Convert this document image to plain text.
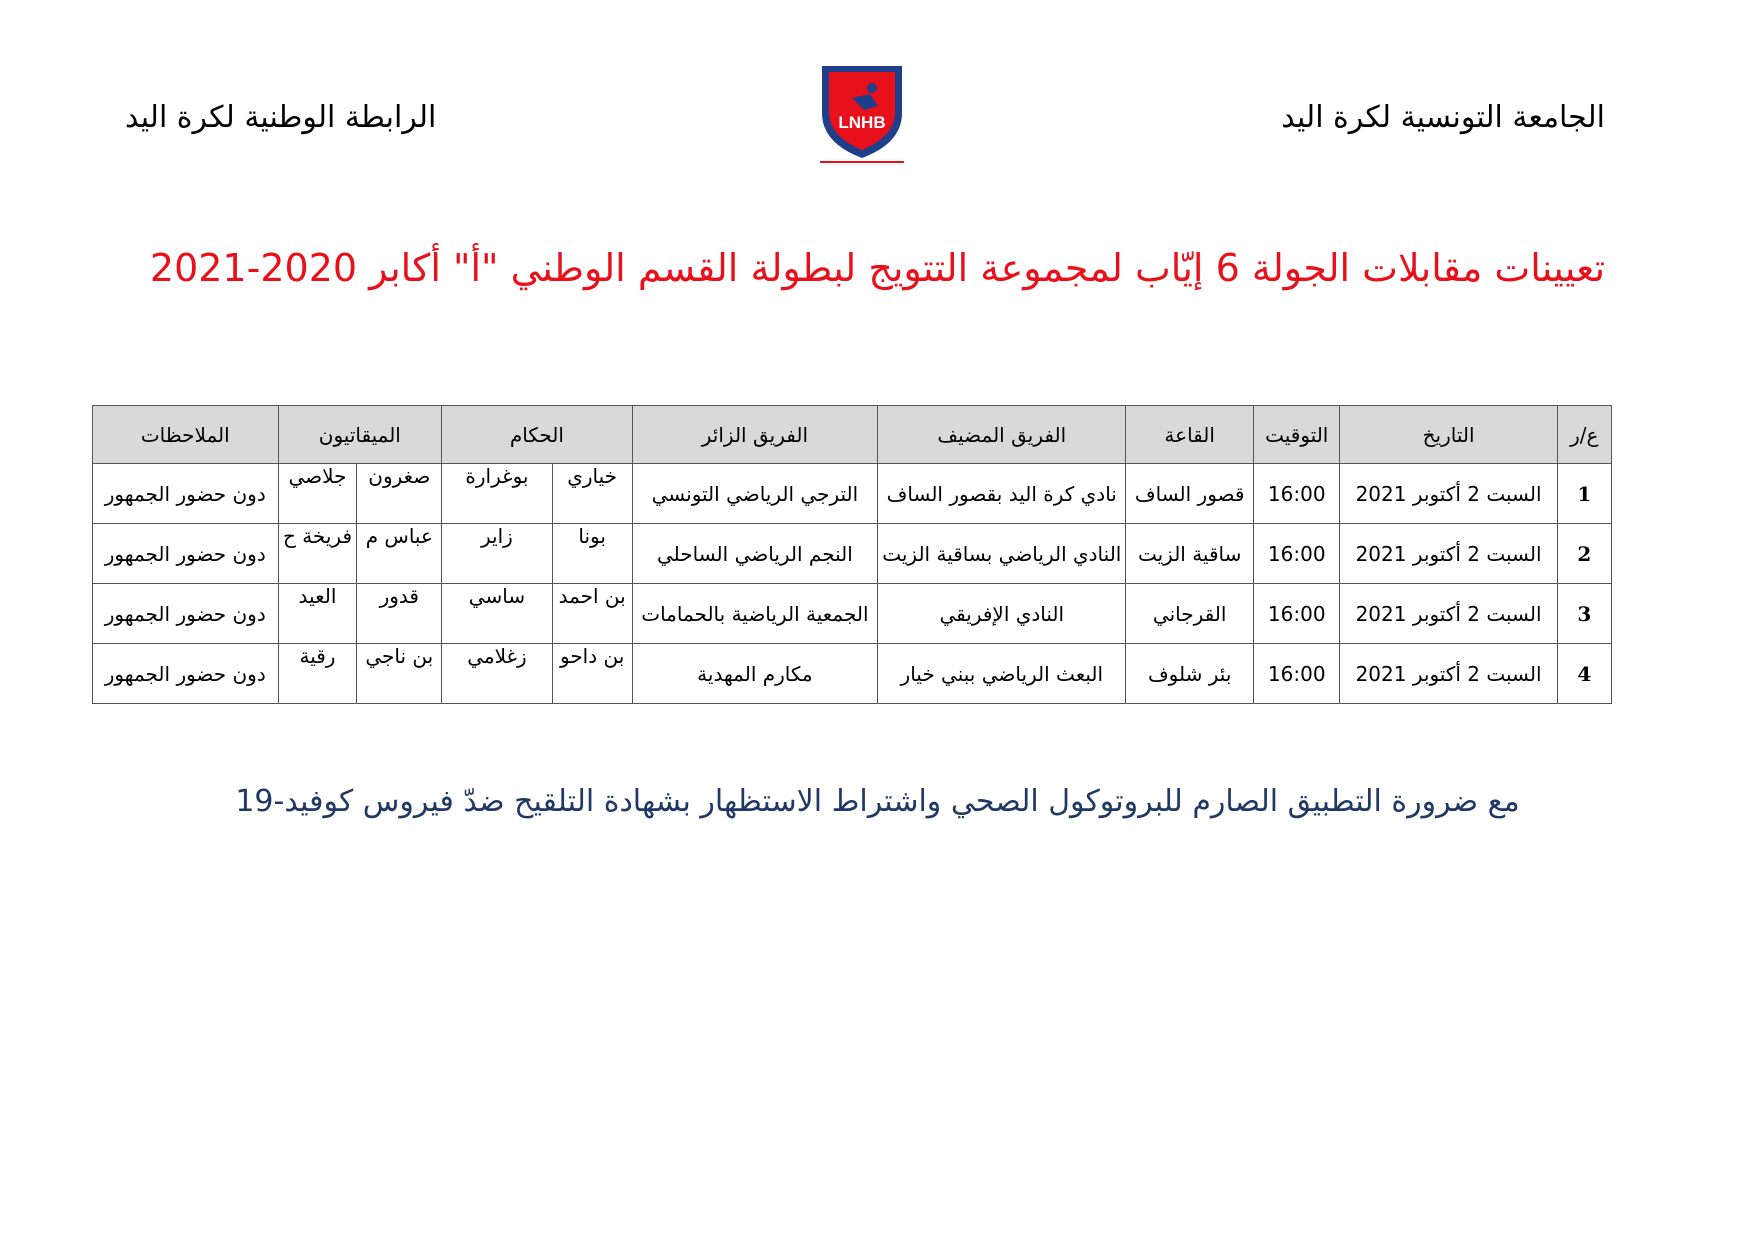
الجامعة التونسية لكرة اليد
LNHB
الرابطة الوطنية لكرة اليد
تعيينات مقابلات الجولة 6 إيّاب لمجموعة التتويج لبطولة القسم الوطني "أ" أكابر 2020-2021
ع/ر	التاريخ	التوقيت	القاعة	الفريق المضيف	الفريق الزائر	الحكام		الميقاتيون		الملاحظات
1	السبت 2 أكتوبر 2021	16:00	قصور الساف	نادي كرة اليد بقصور الساف	الترجي الرياضي التونسي	خياري	بوغرارة	صغرون	جلاصي	دون حضور الجمهور
2	السبت 2 أكتوبر 2021	16:00	ساقية الزيت	النادي الرياضي بساقية الزيت	النجم الرياضي الساحلي	بونا	زاير	عباس م	فريخة ح	دون حضور الجمهور
3	السبت 2 أكتوبر 2021	16:00	القرجاني	النادي الإفريقي	الجمعية الرياضية بالحمامات	بن احمد	ساسي	قدور	العيد	دون حضور الجمهور
4	السبت 2 أكتوبر 2021	16:00	بئر شلوف	البعث الرياضي ببني خيار	مكارم المهدية	بن داحو	زغلامي	بن ناجي	رقية	دون حضور الجمهور
مع ضرورة التطبيق الصارم للبروتوكول الصحي واشتراط الاستظهار بشهادة التلقيح ضدّ فيروس كوفيد-19
